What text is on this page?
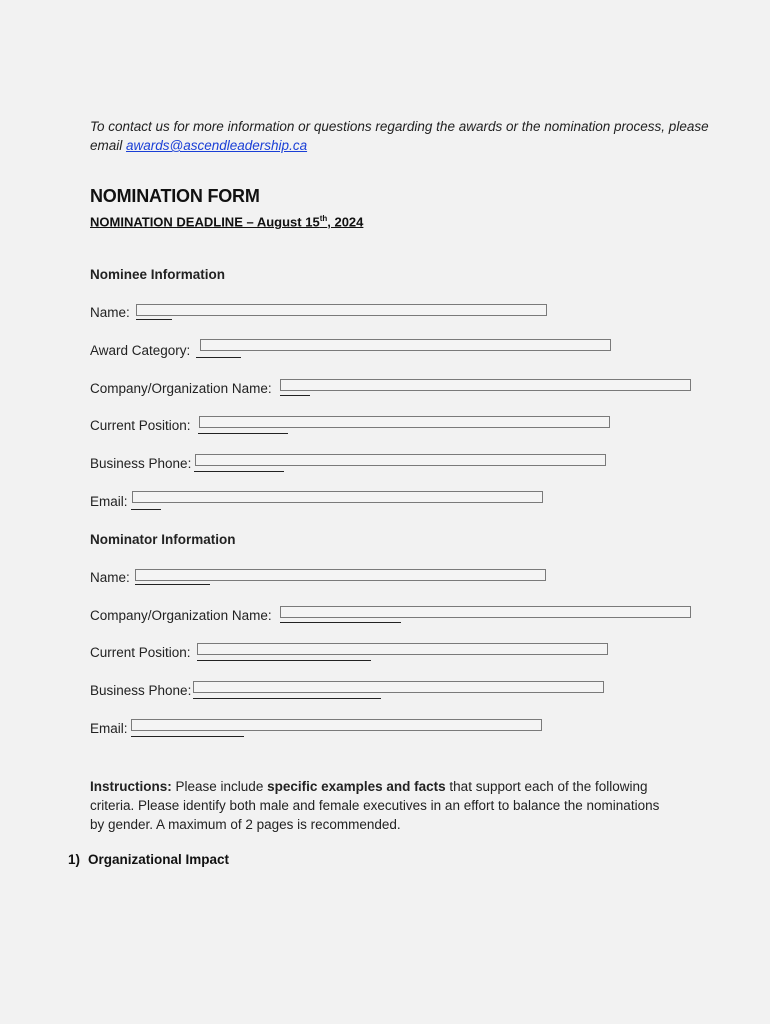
To contact us for more information or questions regarding the awards or the nomination process, please email awards@ascendleadership.ca
NOMINATION FORM
NOMINATION DEADLINE – August 15th, 2024
Nominee Information
Name:
Award Category:
Company/Organization Name:
Current Position:
Business Phone:
Email:
Nominator Information
Name:
Company/Organization Name:
Current Position:
Business Phone:
Email:
Instructions: Please include specific examples and facts that support each of the following criteria. Please identify both male and female executives in an effort to balance the nominations by gender. A maximum of 2 pages is recommended.
1) Organizational Impact
